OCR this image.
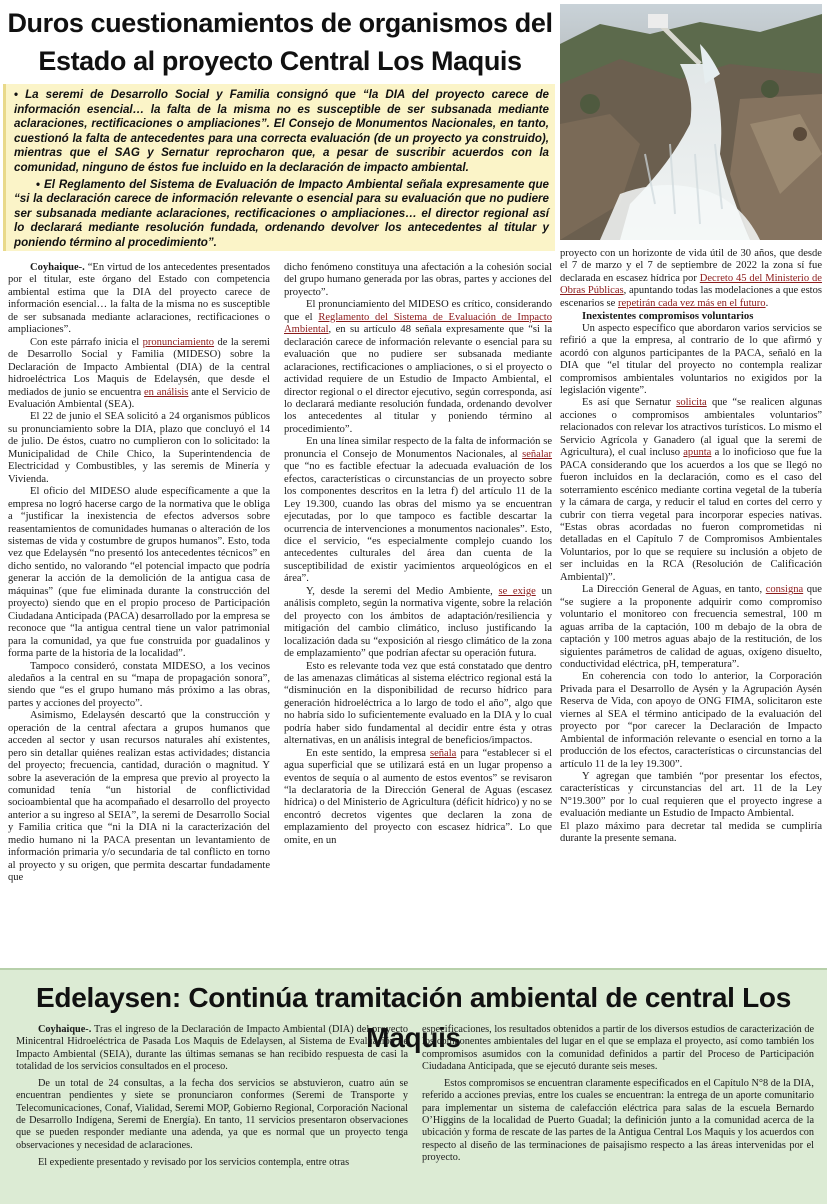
Duros cuestionamientos de organismos del
Estado al proyecto Central Los Maquis

• La seremi de Desarrollo Social y Familia consignó que “la DIA del proyecto carece de información esencial… la falta de la misma no es susceptible de ser subsanada mediante aclaraciones, rectificaciones o ampliaciones”. El Consejo de Monumentos Nacionales, en tanto, cuestionó la falta de antecedentes para una correcta evaluación (de un proyecto ya construido), mientras que el SAG y Sernatur reprocharon que, a pesar de suscribir acuerdos con la comunidad, ninguno de éstos fue incluido en la declaración de impacto ambiental.

• El Reglamento del Sistema de Evaluación de Impacto Ambiental señala expresamente que “si la declaración carece de información relevante o esencial para su evaluación que no pudiere ser subsanada mediante aclaraciones, rectificaciones o ampliaciones… el director regional así lo declarará mediante resolución fundada, ordenando devolver los antecedentes al titular y poniendo término al procedimiento”.

Coyhaique-. “En virtud de los antecedentes presentados por el titular, este órgano del Estado con competencia ambiental estima que la DIA del proyecto carece de información esencial… la falta de la misma no es susceptible de ser subsanada mediante aclaraciones, rectificaciones o ampliaciones”.

Con este párrafo inicia el pronunciamiento de la seremi de Desarrollo Social y Familia (MIDESO) sobre la Declaración de Impacto Ambiental (DIA) de la central hidroeléctrica Los Maquis de Edelaysén, que desde el mediados de junio se encuentra en análisis ante el Servicio de Evaluación Ambiental (SEA).

El 22 de junio el SEA solicitó a 24 organismos públicos su pronunciamiento sobre la DIA, plazo que concluyó el 14 de julio. De éstos, cuatro no cumplieron con lo solicitado: la Municipalidad de Chile Chico, la Superintendencia de Electricidad y Combustibles, y las seremis de Minería y Vivienda.

El oficio del MIDESO alude específicamente a que la empresa no logró hacerse cargo de la normativa que le obliga a “justificar la inexistencia de efectos adversos sobre reasentamientos de comunidades humanas o alteración de los sistemas de vida y costumbre de grupos humanos”. Esto, toda vez que Edelaysén “no presentó los antecedentes técnicos” en dicho sentido, no valorando “el potencial impacto que podría generar la acción de la demolición de la antigua casa de máquinas” (que fue eliminada durante la construcción del proyecto) siendo que en el propio proceso de Participación Ciudadana Anticipada (PACA) desarrollado por la empresa se reconoce que “la antigua central tiene un valor patrimonial para la comunidad, ya que fue construida por guadalinos y forma parte de la historia de la localidad”.

Tampoco consideró, constata MIDESO, a los vecinos aledaños a la central en su “mapa de propagación sonora”, siendo que “es el grupo humano más próximo a las obras, partes y acciones del proyecto”.

Asimismo, Edelaysén descartó que la construcción y operación de la central afectara a grupos humanos que acceden al sector y usan recursos naturales ahí existentes, pero sin detallar quiénes realizan estas actividades; distancia del proyecto; frecuencia, cantidad, duración o magnitud. Y sobre la aseveración de la empresa que previo al proyecto la comunidad tenía “un historial de conflictividad socioambiental que ha acompañado el desarrollo del proyecto anterior a su ingreso al SEIA”, la seremi de Desarrollo Social y Familia critica que “ni la DIA ni la caracterización del medio humano ni la PACA presentan un levantamiento de información primaria y/o secundaria de tal conflicto en torno al proyecto y su origen, que permita descartar fundadamente que

dicho fenómeno constituya una afectación a la cohesión social del grupo humano generada por las obras, partes y acciones del proyecto”.

El pronunciamiento del MIDESO es crítico, considerando que el Reglamento del Sistema de Evaluación de Impacto Ambiental, en su artículo 48 señala expresamente que “si la declaración carece de información relevante o esencial para su evaluación que no pudiere ser subsanada mediante aclaraciones, rectificaciones o ampliaciones, o si el proyecto o actividad requiere de un Estudio de Impacto Ambiental, el director regional o el director ejecutivo, según corresponda, así lo declarará mediante resolución fundada, ordenando devolver los antecedentes al titular y poniendo término al procedimiento”.

En una línea similar respecto de la falta de información se pronuncia el Consejo de Monumentos Nacionales, al señalar que “no es factible efectuar la adecuada evaluación de los efectos, características o circunstancias de un proyecto sobre los componentes descritos en la letra f) del artículo 11 de la Ley 19.300, cuando las obras del mismo ya se encuentran ejecutadas, por lo que tampoco es factible descartar la ocurrencia de intervenciones a monumentos nacionales”. Esto, dice el servicio, “es especialmente complejo cuando los antecedentes culturales del área dan cuenta de la susceptibilidad de existir yacimientos arqueológicos en el área”.

Y, desde la seremi del Medio Ambiente, se exige un análisis completo, según la normativa vigente, sobre la relación del proyecto con los ámbitos de adaptación/resiliencia y mitigación del cambio climático, incluso justificando la localización dada su “exposición al riesgo climático de la zona de emplazamiento” que podrían afectar su operación futura.

Esto es relevante toda vez que está constatado que dentro de las amenazas climáticas al sistema eléctrico regional está la “disminución en la disponibilidad de recurso hídrico para generación hidroeléctrica a lo largo de todo el año”, algo que no habría sido lo suficientemente evaluado en la DIA y lo cual podría haber sido fundamental al decidir entre ésta y otras alternativas, en un análisis integral de beneficios/impactos.

En este sentido, la empresa señala para “establecer si el agua superficial que se utilizará está en un lugar propenso a eventos de sequía o al aumento de estos eventos” se revisaron “la declaratoria de la Dirección General de Aguas (escasez hídrica) o del Ministerio de Agricultura (déficit hídrico) y no se encontró decretos vigentes que declaren la zona de emplazamiento del proyecto con escasez hídrica”. Lo que omite, en un

proyecto con un horizonte de vida útil de 30 años, que desde el 7 de marzo y el 7 de septiembre de 2022 la zona sí fue declarada en escasez hídrica por Decreto 45 del Ministerio de Obras Públicas, apuntando todas las modelaciones a que estos escenarios se repetirán cada vez más en el futuro.

Inexistentes compromisos voluntarios

Un aspecto específico que abordaron varios servicios se refirió a que la empresa, al contrario de lo que afirmó y acordó con algunos participantes de la PACA, señaló en la DIA que “el titular del proyecto no contempla realizar compromisos ambientales voluntarios no exigidos por la legislación vigente”.

Es así que Sernatur solicita que “se realicen algunas acciones o compromisos ambientales voluntarios” relacionados con relevar los atractivos turísticos. Lo mismo el Servicio Agrícola y Ganadero (al igual que la seremi de Agricultura), el cual incluso apunta a lo inoficioso que fue la PACA considerando que los acuerdos a los que se llegó no fueron incluidos en la declaración, como es el caso del soterramiento escénico mediante cortina vegetal de la tubería y la cámara de carga, y reducir el talud en cortes del cerro y cubrir con tierra vegetal para incorporar especies nativas. “Estas obras acordadas no fueron comprometidas ni detalladas en el Capítulo 7 de Compromisos Ambientales Voluntarios, por lo que se requiere su inclusión a objeto de ser incluidas en la RCA (Resolución de Calificación Ambiental)”.

La Dirección General de Aguas, en tanto, consigna que “se sugiere a la proponente adquirir como compromiso voluntario el monitoreo con frecuencia semestral, 100 m aguas arriba de la captación, 100 m debajo de la obra de captación y 100 metros aguas abajo de la restitución, de los siguientes parámetros de calidad de aguas, oxígeno disuelto, conductividad eléctrica, pH, temperatura”.

En coherencia con todo lo anterior, la Corporación Privada para el Desarrollo de Aysén y la Agrupación Aysén Reserva de Vida, con apoyo de ONG FIMA, solicitaron este viernes al SEA el término anticipado de la evaluación del proyecto por “por carecer la Declaración de Impacto Ambiental de información relevante o esencial en torno a la producción de los efectos, características o circunstancias del artículo 11 de la ley 19.300”.

Y agregan que también “por presentar los efectos, características y circunstancias del art. 11 de la Ley N°19.300” por lo cual requieren que el proyecto ingrese a evaluación mediante un Estudio de Impacto Ambiental.

El plazo máximo para decretar tal medida se cumpliría durante la presente semana.

Edelaysen: Continúa tramitación ambiental de central Los Maquis

Coyhaique-. Tras el ingreso de la Declaración de Impacto Ambiental (DIA) del proyecto Minicentral Hidroeléctrica de Pasada Los Maquis de Edelaysen, al Sistema de Evaluación de Impacto Ambiental (SEIA), durante las últimas semanas se han recibido respuesta de casi la totalidad de los servicios consultados en el proceso.

De un total de 24 consultas, a la fecha dos servicios se abstuvieron, cuatro aún se encuentran pendientes y siete se pronunciaron conformes (Seremi de Transporte y Telecomunicaciones, Conaf, Vialidad, Seremi MOP, Gobierno Regional, Corporación Nacional de Desarrollo Indígena, Seremi de Energía). En tanto, 11 servicios presentaron observaciones que se pueden responder mediante una adenda, ya que es normal que un proyecto tenga observaciones y necesidad de aclaraciones.

El expediente presentado y revisado por los servicios contempla, entre otras

especificaciones, los resultados obtenidos a partir de los diversos estudios de caracterización de los componentes ambientales del lugar en el que se emplaza el proyecto, así como también los compromisos asumidos con la comunidad definidos a partir del Proceso de Participación Ciudadana Anticipada, que se ejecutó durante seis meses.

Estos compromisos se encuentran claramente especificados en el Capítulo N°8 de la DIA, referido a acciones previas, entre los cuales se encuentran: la entrega de un aporte comunitario para implementar un sistema de calefacción eléctrica para salas de la escuela Bernardo O’Higgins de la localidad de Puerto Guadal; la definición junto a la comunidad acerca de la ubicación y forma de rescate de las partes de la Antigua Central Los Maquis y los acuerdos con respecto al diseño de las terminaciones de paisajismo respecto a las áreas intervenidas por el proyecto.
